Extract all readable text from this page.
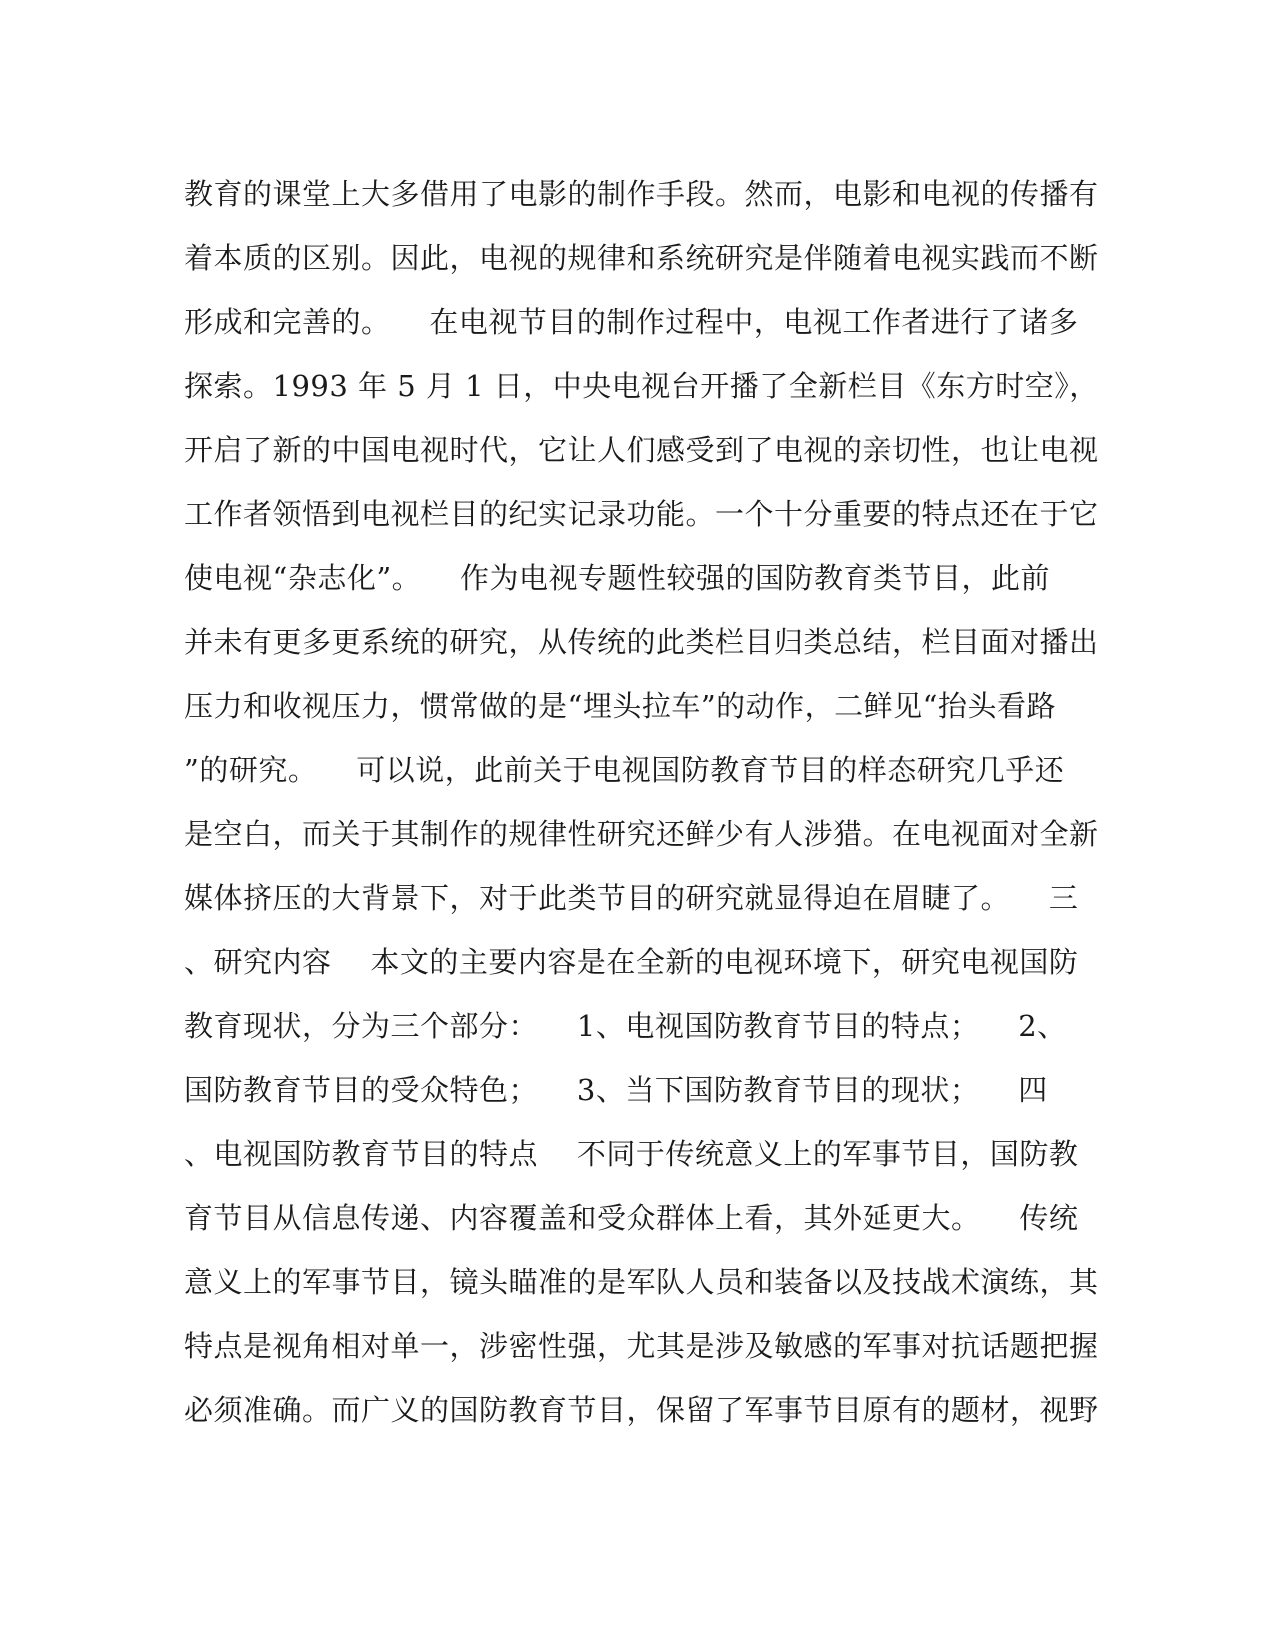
教育的课堂上大多借用了电影的制作手段。然而，电影和电视的传播有
着本质的区别。因此，电视的规律和系统研究是伴随着电视实践而不断
形成和完善的。    在电视节目的制作过程中，电视工作者进行了诸多
探索。1993 年 5 月 1 日，中央电视台开播了全新栏目《东方时空》，
开启了新的中国电视时代，它让人们感受到了电视的亲切性，也让电视
工作者领悟到电视栏目的纪实记录功能。一个十分重要的特点还在于它
使电视“杂志化”。    作为电视专题性较强的国防教育类节目，此前
并未有更多更系统的研究，从传统的此类栏目归类总结，栏目面对播出
压力和收视压力，惯常做的是“埋头拉车”的动作，二鲜见“抬头看路
”的研究。    可以说，此前关于电视国防教育节目的样态研究几乎还
是空白，而关于其制作的规律性研究还鲜少有人涉猎。在电视面对全新
媒体挤压的大背景下，对于此类节目的研究就显得迫在眉睫了。    三
、研究内容    本文的主要内容是在全新的电视环境下，研究电视国防
教育现状，分为三个部分：    1、电视国防教育节目的特点；    2、
国防教育节目的受众特色；    3、当下国防教育节目的现状；    四
、电视国防教育节目的特点    不同于传统意义上的军事节目，国防教
育节目从信息传递、内容覆盖和受众群体上看，其外延更大。    传统
意义上的军事节目，镜头瞄准的是军队人员和装备以及技战术演练，其
特点是视角相对单一，涉密性强，尤其是涉及敏感的军事对抗话题把握
必须准确。而广义的国防教育节目，保留了军事节目原有的题材，视野
